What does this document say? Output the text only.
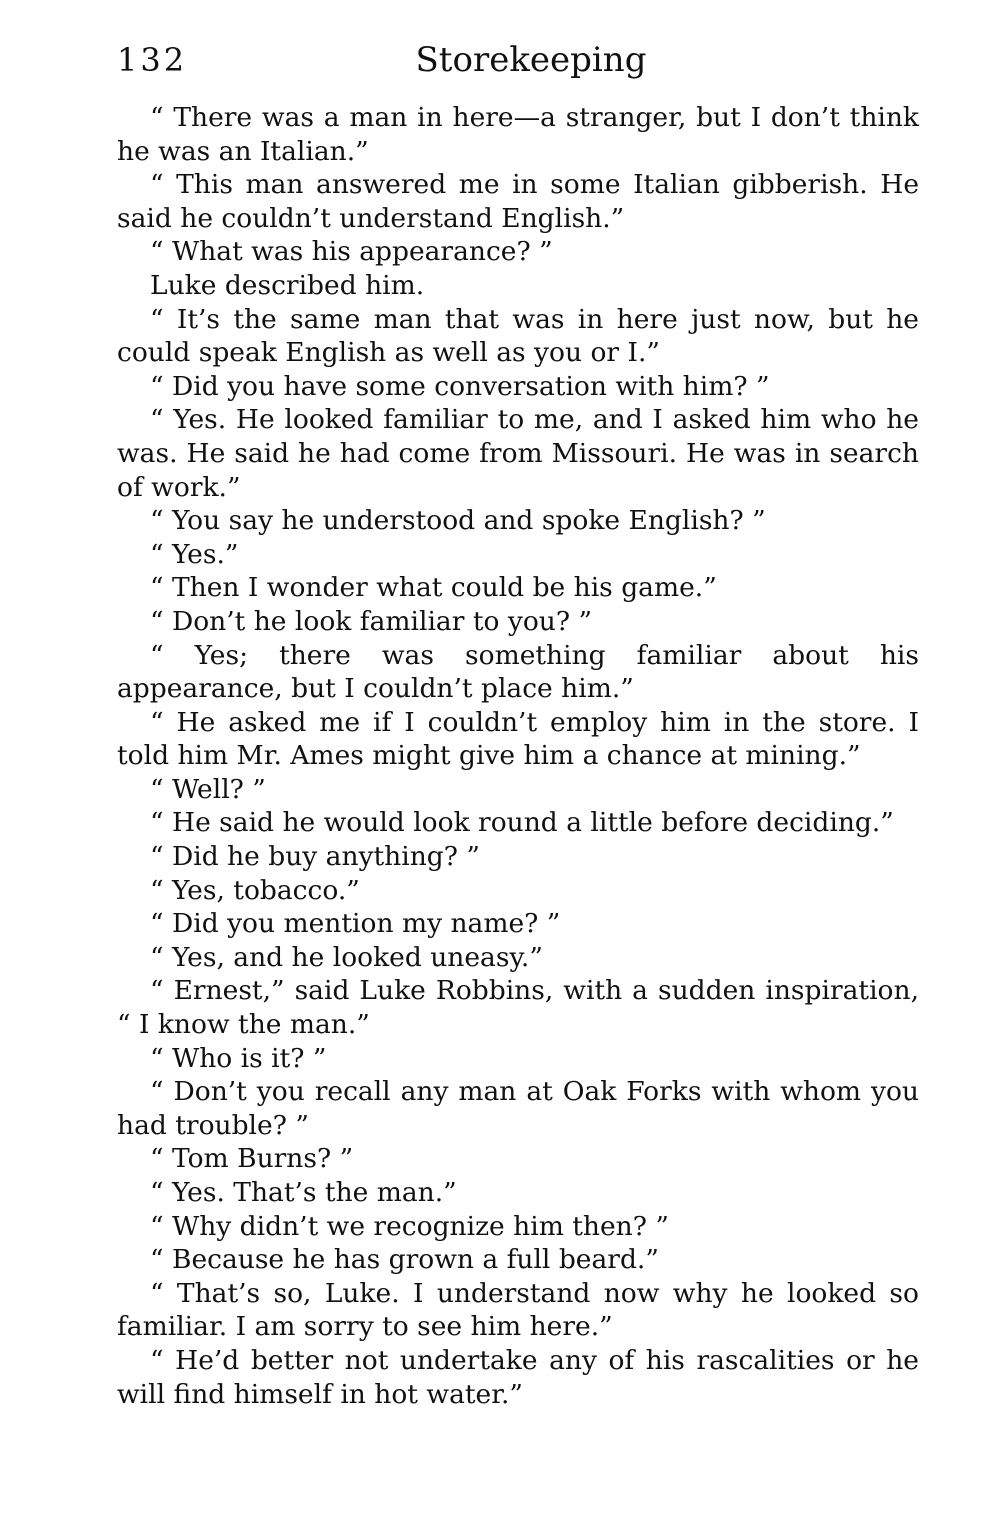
132	Storekeeping

“ There was a man in here—a stranger, but I don’t think he was an Italian.”

“ This man answered me in some Italian gibberish. He said he couldn’t understand English.”

“ What was his appearance? ”

Luke described him.

“ It’s the same man that was in here just now, but he could speak English as well as you or I.”

“ Did you have some conversation with him? ”

“ Yes. He looked familiar to me, and I asked him who he was. He said he had come from Missouri. He was in search of work.”

“ You say he understood and spoke English? ”

“ Yes.”

“ Then I wonder what could be his game.”

“ Don’t he look familiar to you? ”

“ Yes; there was something familiar about his appearance, but I couldn’t place him.”

“ He asked me if I couldn’t employ him in the store. I told him Mr. Ames might give him a chance at mining.”

“ Well? ”

“ He said he would look round a little before deciding.”

“ Did he buy anything? ”

“ Yes, tobacco.”

“ Did you mention my name? ”

“ Yes, and he looked uneasy.”

“ Ernest,” said Luke Robbins, with a sudden inspiration, “ I know the man.”

“ Who is it? ”

“ Don’t you recall any man at Oak Forks with whom you had trouble? ”

“ Tom Burns? ”

“ Yes. That’s the man.”

“ Why didn’t we recognize him then? ”

“ Because he has grown a full beard.”

“ That’s so, Luke. I understand now why he looked so familiar. I am sorry to see him here.”

“ He’d better not undertake any of his rascalities or he will find himself in hot water.”
